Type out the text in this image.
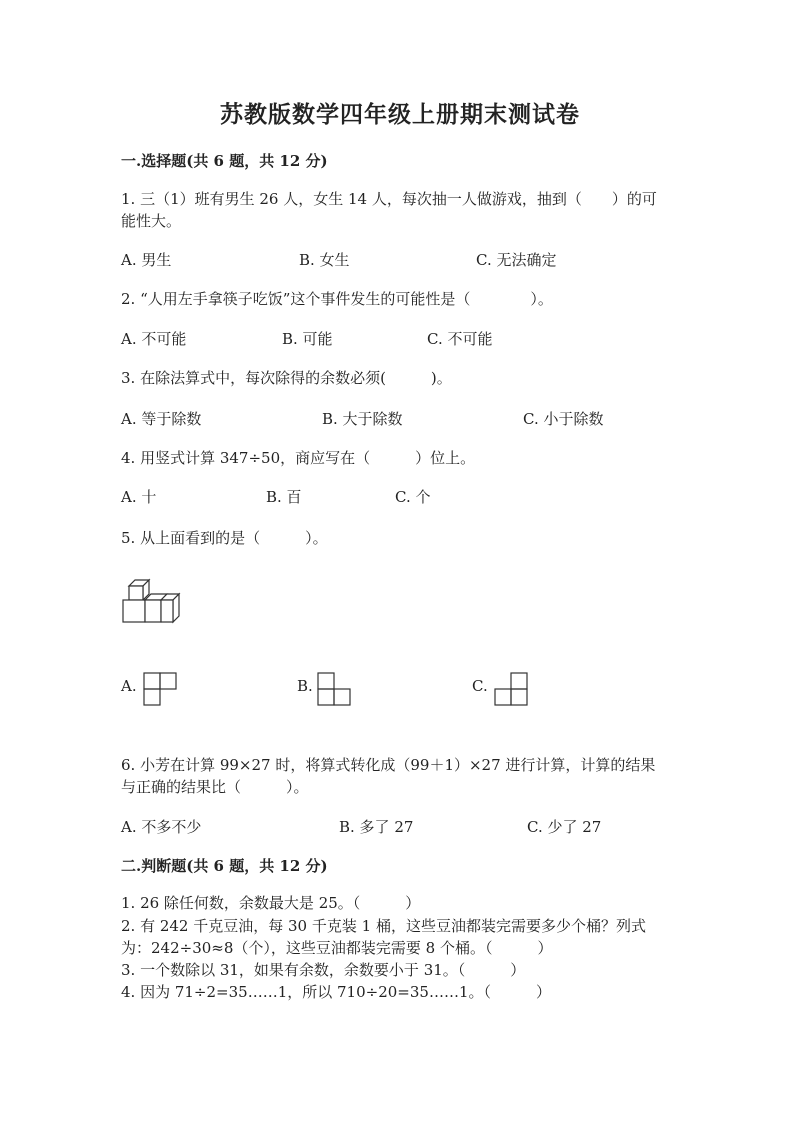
苏教版数学四年级上册期末测试卷
一.选择题(共 6 题，共 12 分)
1. 三（1）班有男生 26 人，女生 14 人，每次抽一人做游戏，抽到（　　）的可
能性大。
A. 男生	B. 女生	C. 无法确定
2. “人用左手拿筷子吃饭”这个事件发生的可能性是（　　　　）。
A. 不可能	B. 可能	C. 不可能
3. 在除法算式中，每次除得的余数必须(　　　)。
A. 等于除数	B. 大于除数	C. 小于除数
4. 用竖式计算 347÷50，商应写在（　　　）位上。
A. 十	B. 百	C. 个
5. 从上面看到的是（　　　）。
A.	B.	C.
6. 小芳在计算 99×27 时，将算式转化成（99＋1）×27 进行计算，计算的结果
与正确的结果比（　　　）。
A. 不多不少	B. 多了 27	C. 少了 27
二.判断题(共 6 题，共 12 分)
1. 26 除任何数，余数最大是 25。（　　　）
2. 有 242 千克豆油，每 30 千克装 1 桶，这些豆油都装完需要多少个桶？列式
为：242÷30≈8（个），这些豆油都装完需要 8 个桶。（　　　）
3. 一个数除以 31，如果有余数，余数要小于 31。（　　　）
4. 因为 71÷2=35……1，所以 710÷20=35……1。（　　　）
